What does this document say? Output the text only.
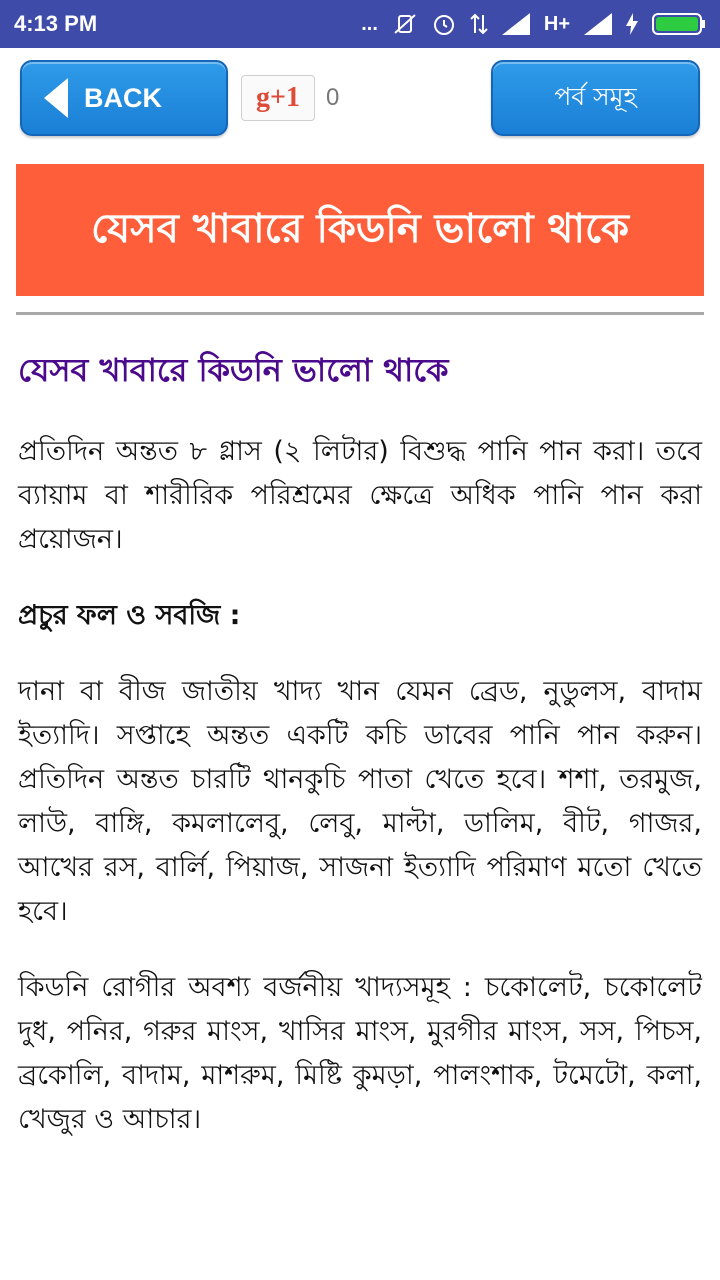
4:13 PM	...	H+
BACK	g+1	0	পর্ব সমূহ
যেসব খাবারে কিডনি ভালো থাকে
যেসব খাবারে কিডনি ভালো থাকে

প্রতিদিন অন্তত ৮ গ্লাস (২ লিটার) বিশুদ্ধ পানি পান করা। তবে ব্যায়াম বা শারীরিক পরিশ্রমের ক্ষেত্রে অধিক পানি পান করা প্রয়োজন।

প্রচুর ফল ও সবজি :

দানা বা বীজ জাতীয় খাদ্য খান যেমন ব্রেড, নুডুলস, বাদাম ইত্যাদি। সপ্তাহে অন্তত একটি কচি ডাবের পানি পান করুন। প্রতিদিন অন্তত চারটি থানকুচি পাতা খেতে হবে। শশা, তরমুজ, লাউ, বাঙ্গি, কমলালেবু, লেবু, মাল্টা, ডালিম, বীট, গাজর, আখের রস, বার্লি, পিয়াজ, সাজনা ইত্যাদি পরিমাণ মতো খেতে হবে।

কিডনি রোগীর অবশ্য বর্জনীয় খাদ্যসমূহ : চকোলেট, চকোলেট দুধ, পনির, গরুর মাংস, খাসির মাংস, মুরগীর মাংস, সস, পিচস, ব্রকোলি, বাদাম, মাশরুম, মিষ্টি কুমড়া, পালংশাক, টমেটো, কলা, খেজুর ও আচার।
